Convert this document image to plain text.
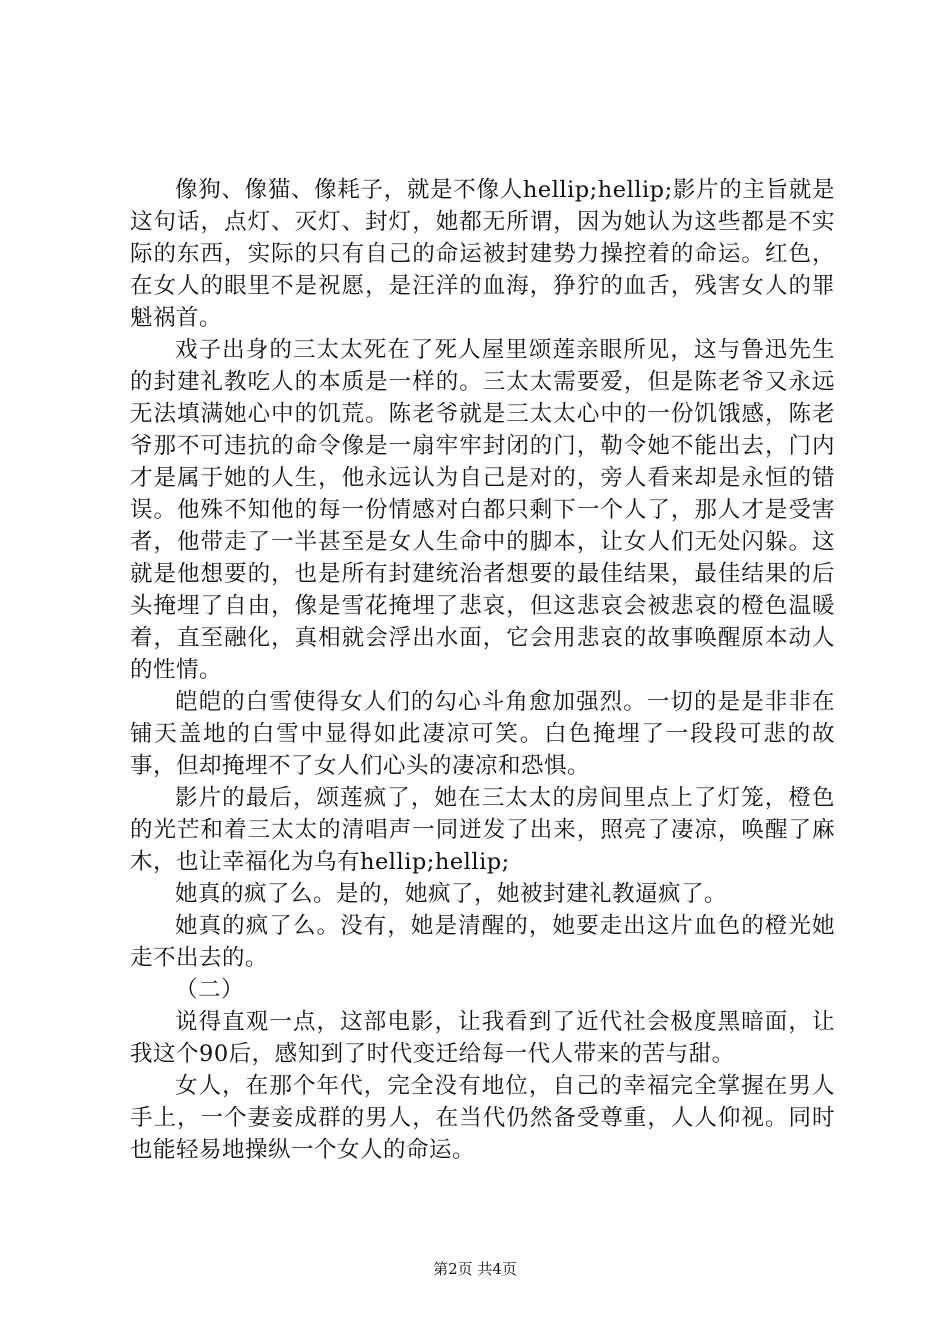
像狗、像猫、像耗子，就是不像人hellip;hellip;影片的主旨就是这句话，点灯、灭灯、封灯，她都无所谓，因为她认为这些都是不实际的东西，实际的只有自己的命运被封建势力操控着的命运。红色，在女人的眼里不是祝愿，是汪洋的血海，狰狞的血舌，残害女人的罪魁祸首。

戏子出身的三太太死在了死人屋里颂莲亲眼所见，这与鲁迅先生的封建礼教吃人的本质是一样的。三太太需要爱，但是陈老爷又永远无法填满她心中的饥荒。陈老爷就是三太太心中的一份饥饿感，陈老爷那不可违抗的命令像是一扇牢牢封闭的门，勒令她不能出去，门内才是属于她的人生，他永远认为自己是对的，旁人看来却是永恒的错误。他殊不知他的每一份情感对白都只剩下一个人了，那人才是受害者，他带走了一半甚至是女人生命中的脚本，让女人们无处闪躲。这就是他想要的，也是所有封建统治者想要的最佳结果，最佳结果的后头掩埋了自由，像是雪花掩埋了悲哀，但这悲哀会被悲哀的橙色温暖着，直至融化，真相就会浮出水面，它会用悲哀的故事唤醒原本动人的性情。

皑皑的白雪使得女人们的勾心斗角愈加强烈。一切的是是非非在铺天盖地的白雪中显得如此凄凉可笑。白色掩埋了一段段可悲的故事，但却掩埋不了女人们心头的凄凉和恐惧。

影片的最后，颂莲疯了，她在三太太的房间里点上了灯笼，橙色的光芒和着三太太的清唱声一同迸发了出来，照亮了凄凉，唤醒了麻木，也让幸福化为乌有hellip;hellip;

她真的疯了么。是的，她疯了，她被封建礼教逼疯了。

她真的疯了么。没有，她是清醒的，她要走出这片血色的橙光她走不出去的。

（二）

说得直观一点，这部电影，让我看到了近代社会极度黑暗面，让我这个90后，感知到了时代变迁给每一代人带来的苦与甜。

女人，在那个年代，完全没有地位，自己的幸福完全掌握在男人手上，一个妻妾成群的男人，在当代仍然备受尊重，人人仰视。同时也能轻易地操纵一个女人的命运。

第2页 共4页
